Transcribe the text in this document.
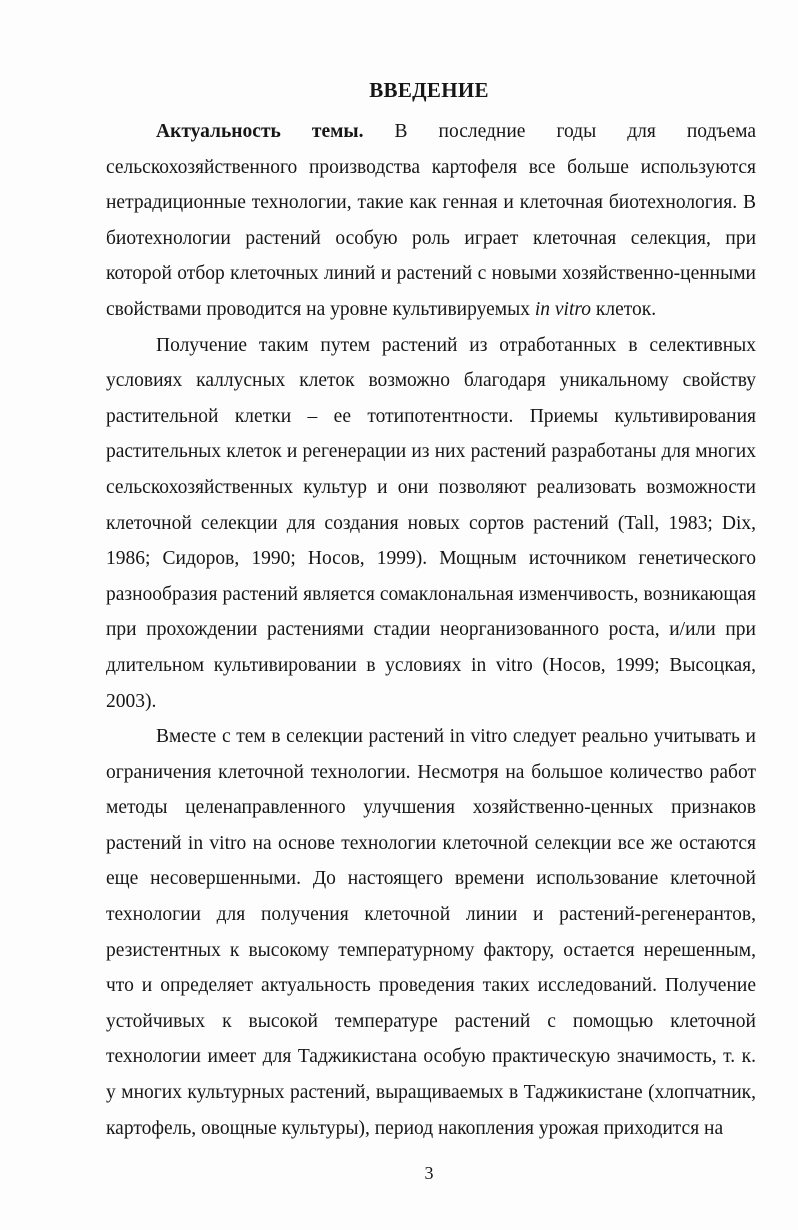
ВВЕДЕНИЕ

Актуальность темы. В последние годы для подъема сельскохозяйственного производства картофеля все больше используются нетрадиционные технологии, такие как генная и клеточная биотехнология. В биотехнологии растений особую роль играет клеточная селекция, при которой отбор клеточных линий и растений с новыми хозяйственно-ценными свойствами проводится на уровне культивируемых in vitro клеток.

Получение таким путем растений из отработанных в селективных условиях каллусных клеток возможно благодаря уникальному свойству растительной клетки – ее тотипотентности. Приемы культивирования растительных клеток и регенерации из них растений разработаны для многих сельскохозяйственных культур и они позволяют реализовать возможности клеточной селекции для создания новых сортов растений (Tall, 1983; Dix, 1986; Сидоров, 1990; Носов, 1999). Мощным источником генетического разнообразия растений является сомаклональная изменчивость, возникающая при прохождении растениями стадии неорганизованного роста, и/или при длительном культивировании в условиях in vitro (Носов, 1999; Высоцкая, 2003).

Вместе с тем в селекции растений in vitro следует реально учитывать и ограничения клеточной технологии. Несмотря на большое количество работ методы целенаправленного улучшения хозяйственно-ценных признаков растений in vitro на основе технологии клеточной селекции все же остаются еще несовершенными. До настоящего времени использование клеточной технологии для получения клеточной линии и растений-регенерантов, резистентных к высокому температурному фактору, остается нерешенным, что и определяет актуальность проведения таких исследований. Получение устойчивых к высокой температуре растений с помощью клеточной технологии имеет для Таджикистана особую практическую значимость, т. к. у многих культурных растений, выращиваемых в Таджикистане (хлопчатник, картофель, овощные культуры), период накопления урожая приходится на

3
